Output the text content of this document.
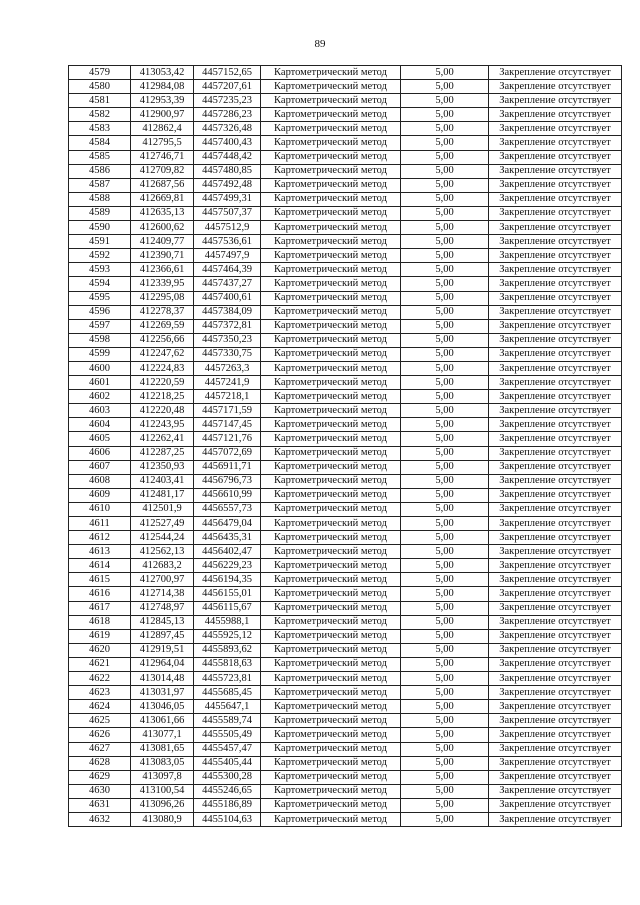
89
4579	413053,42	4457152,65	Картометрический метод	5,00	Закрепление отсутствует
4580	412984,08	4457207,61	Картометрический метод	5,00	Закрепление отсутствует
4581	412953,39	4457235,23	Картометрический метод	5,00	Закрепление отсутствует
4582	412900,97	4457286,23	Картометрический метод	5,00	Закрепление отсутствует
4583	412862,4	4457326,48	Картометрический метод	5,00	Закрепление отсутствует
4584	412795,5	4457400,43	Картометрический метод	5,00	Закрепление отсутствует
4585	412746,71	4457448,42	Картометрический метод	5,00	Закрепление отсутствует
4586	412709,82	4457480,85	Картометрический метод	5,00	Закрепление отсутствует
4587	412687,56	4457492,48	Картометрический метод	5,00	Закрепление отсутствует
4588	412669,81	4457499,31	Картометрический метод	5,00	Закрепление отсутствует
4589	412635,13	4457507,37	Картометрический метод	5,00	Закрепление отсутствует
4590	412600,62	4457512,9	Картометрический метод	5,00	Закрепление отсутствует
4591	412409,77	4457536,61	Картометрический метод	5,00	Закрепление отсутствует
4592	412390,71	4457497,9	Картометрический метод	5,00	Закрепление отсутствует
4593	412366,61	4457464,39	Картометрический метод	5,00	Закрепление отсутствует
4594	412339,95	4457437,27	Картометрический метод	5,00	Закрепление отсутствует
4595	412295,08	4457400,61	Картометрический метод	5,00	Закрепление отсутствует
4596	412278,37	4457384,09	Картометрический метод	5,00	Закрепление отсутствует
4597	412269,59	4457372,81	Картометрический метод	5,00	Закрепление отсутствует
4598	412256,66	4457350,23	Картометрический метод	5,00	Закрепление отсутствует
4599	412247,62	4457330,75	Картометрический метод	5,00	Закрепление отсутствует
4600	412224,83	4457263,3	Картометрический метод	5,00	Закрепление отсутствует
4601	412220,59	4457241,9	Картометрический метод	5,00	Закрепление отсутствует
4602	412218,25	4457218,1	Картометрический метод	5,00	Закрепление отсутствует
4603	412220,48	4457171,59	Картометрический метод	5,00	Закрепление отсутствует
4604	412243,95	4457147,45	Картометрический метод	5,00	Закрепление отсутствует
4605	412262,41	4457121,76	Картометрический метод	5,00	Закрепление отсутствует
4606	412287,25	4457072,69	Картометрический метод	5,00	Закрепление отсутствует
4607	412350,93	4456911,71	Картометрический метод	5,00	Закрепление отсутствует
4608	412403,41	4456796,73	Картометрический метод	5,00	Закрепление отсутствует
4609	412481,17	4456610,99	Картометрический метод	5,00	Закрепление отсутствует
4610	412501,9	4456557,73	Картометрический метод	5,00	Закрепление отсутствует
4611	412527,49	4456479,04	Картометрический метод	5,00	Закрепление отсутствует
4612	412544,24	4456435,31	Картометрический метод	5,00	Закрепление отсутствует
4613	412562,13	4456402,47	Картометрический метод	5,00	Закрепление отсутствует
4614	412683,2	4456229,23	Картометрический метод	5,00	Закрепление отсутствует
4615	412700,97	4456194,35	Картометрический метод	5,00	Закрепление отсутствует
4616	412714,38	4456155,01	Картометрический метод	5,00	Закрепление отсутствует
4617	412748,97	4456115,67	Картометрический метод	5,00	Закрепление отсутствует
4618	412845,13	4455988,1	Картометрический метод	5,00	Закрепление отсутствует
4619	412897,45	4455925,12	Картометрический метод	5,00	Закрепление отсутствует
4620	412919,51	4455893,62	Картометрический метод	5,00	Закрепление отсутствует
4621	412964,04	4455818,63	Картометрический метод	5,00	Закрепление отсутствует
4622	413014,48	4455723,81	Картометрический метод	5,00	Закрепление отсутствует
4623	413031,97	4455685,45	Картометрический метод	5,00	Закрепление отсутствует
4624	413046,05	4455647,1	Картометрический метод	5,00	Закрепление отсутствует
4625	413061,66	4455589,74	Картометрический метод	5,00	Закрепление отсутствует
4626	413077,1	4455505,49	Картометрический метод	5,00	Закрепление отсутствует
4627	413081,65	4455457,47	Картометрический метод	5,00	Закрепление отсутствует
4628	413083,05	4455405,44	Картометрический метод	5,00	Закрепление отсутствует
4629	413097,8	4455300,28	Картометрический метод	5,00	Закрепление отсутствует
4630	413100,54	4455246,65	Картометрический метод	5,00	Закрепление отсутствует
4631	413096,26	4455186,89	Картометрический метод	5,00	Закрепление отсутствует
4632	413080,9	4455104,63	Картометрический метод	5,00	Закрепление отсутствует
